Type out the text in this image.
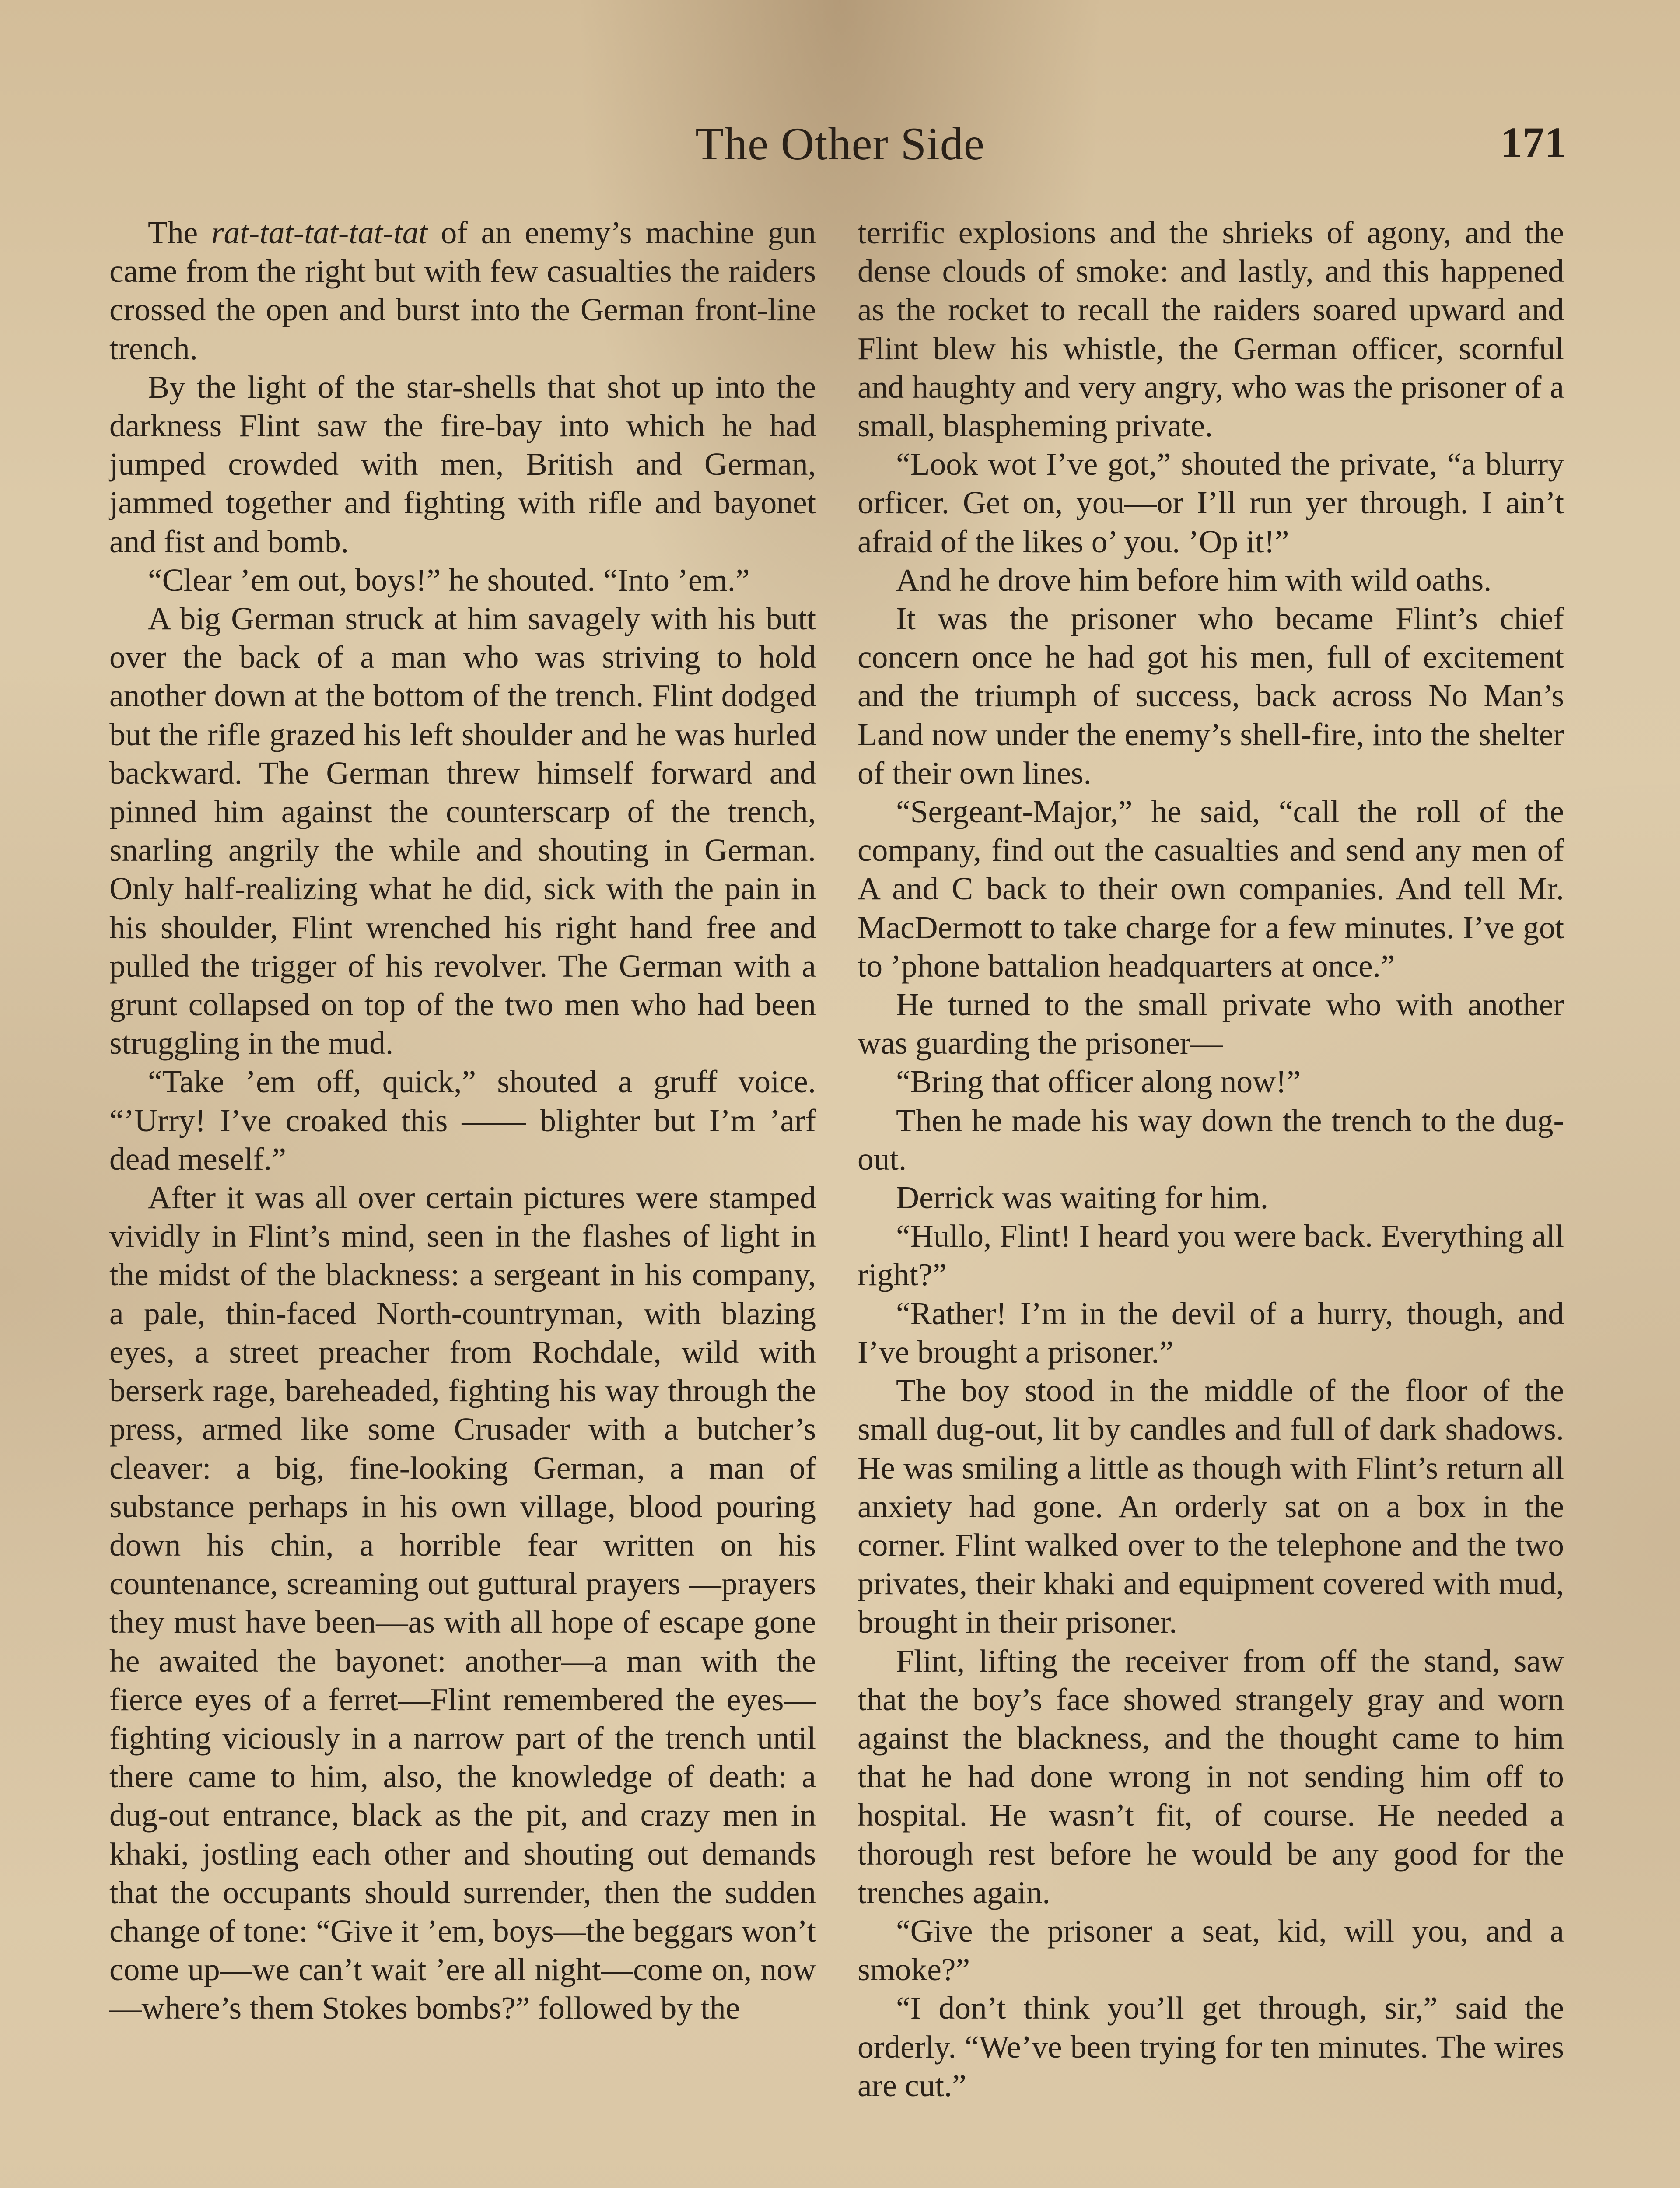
The Other Side	171

The rat-tat-tat-tat-tat of an enemy’s machine gun came from the right but with few casualties the raiders crossed the open and burst into the German front-line trench.

By the light of the star-shells that shot up into the darkness Flint saw the fire-bay into which he had jumped crowded with men, British and German, jammed together and fighting with rifle and bayonet and fist and bomb.

“Clear ’em out, boys!” he shouted. “Into ’em.”

A big German struck at him savagely with his butt over the back of a man who was striving to hold another down at the bottom of the trench. Flint dodged but the rifle grazed his left shoulder and he was hurled backward. The German threw himself forward and pinned him against the counterscarp of the trench, snarling angrily the while and shouting in German. Only half-realizing what he did, sick with the pain in his shoulder, Flint wrenched his right hand free and pulled the trigger of his revolver. The German with a grunt collapsed on top of the two men who had been struggling in the mud.

“Take ’em off, quick,” shouted a gruff voice. “’Urry! I’ve croaked this —— blighter but I’m ’arf dead meself.”

After it was all over certain pictures were stamped vividly in Flint’s mind, seen in the flashes of light in the midst of the blackness: a sergeant in his company, a pale, thin-faced North-countryman, with blazing eyes, a street preacher from Rochdale, wild with berserk rage, bareheaded, fighting his way through the press, armed like some Crusader with a butcher’s cleaver: a big, fine-looking German, a man of substance perhaps in his own village, blood pouring down his chin, a horrible fear written on his countenance, screaming out guttural prayers —prayers they must have been—as with all hope of escape gone he awaited the bayonet: another—a man with the fierce eyes of a ferret—Flint remembered the eyes—fighting viciously in a narrow part of the trench until there came to him, also, the knowledge of death: a dug-out entrance, black as the pit, and crazy men in khaki, jostling each other and shouting out demands that the occupants should surrender, then the sudden change of tone: “Give it ’em, boys—the beggars won’t come up—we can’t wait ’ere all night—come on, now—where’s them Stokes bombs?” followed by the

terrific explosions and the shrieks of agony, and the dense clouds of smoke: and lastly, and this happened as the rocket to recall the raiders soared upward and Flint blew his whistle, the German officer, scornful and haughty and very angry, who was the prisoner of a small, blaspheming private.

“Look wot I’ve got,” shouted the private, “a blurry orficer. Get on, you—or I’ll run yer through. I ain’t afraid of the likes o’ you. ’Op it!”

And he drove him before him with wild oaths.

It was the prisoner who became Flint’s chief concern once he had got his men, full of excitement and the triumph of success, back across No Man’s Land now under the enemy’s shell-fire, into the shelter of their own lines.

“Sergeant-Major,” he said, “call the roll of the company, find out the casualties and send any men of A and C back to their own companies. And tell Mr. MacDermott to take charge for a few minutes. I’ve got to ’phone battalion headquarters at once.”

He turned to the small private who with another was guarding the prisoner—

“Bring that officer along now!”

Then he made his way down the trench to the dug-out.

Derrick was waiting for him.

“Hullo, Flint! I heard you were back. Everything all right?”

“Rather! I’m in the devil of a hurry, though, and I’ve brought a prisoner.”

The boy stood in the middle of the floor of the small dug-out, lit by candles and full of dark shadows. He was smiling a little as though with Flint’s return all anxiety had gone. An orderly sat on a box in the corner. Flint walked over to the telephone and the two privates, their khaki and equipment covered with mud, brought in their prisoner.

Flint, lifting the receiver from off the stand, saw that the boy’s face showed strangely gray and worn against the blackness, and the thought came to him that he had done wrong in not sending him off to hospital. He wasn’t fit, of course. He needed a thorough rest before he would be any good for the trenches again.

“Give the prisoner a seat, kid, will you, and a smoke?”

“I don’t think you’ll get through, sir,” said the orderly. “We’ve been trying for ten minutes. The wires are cut.”
